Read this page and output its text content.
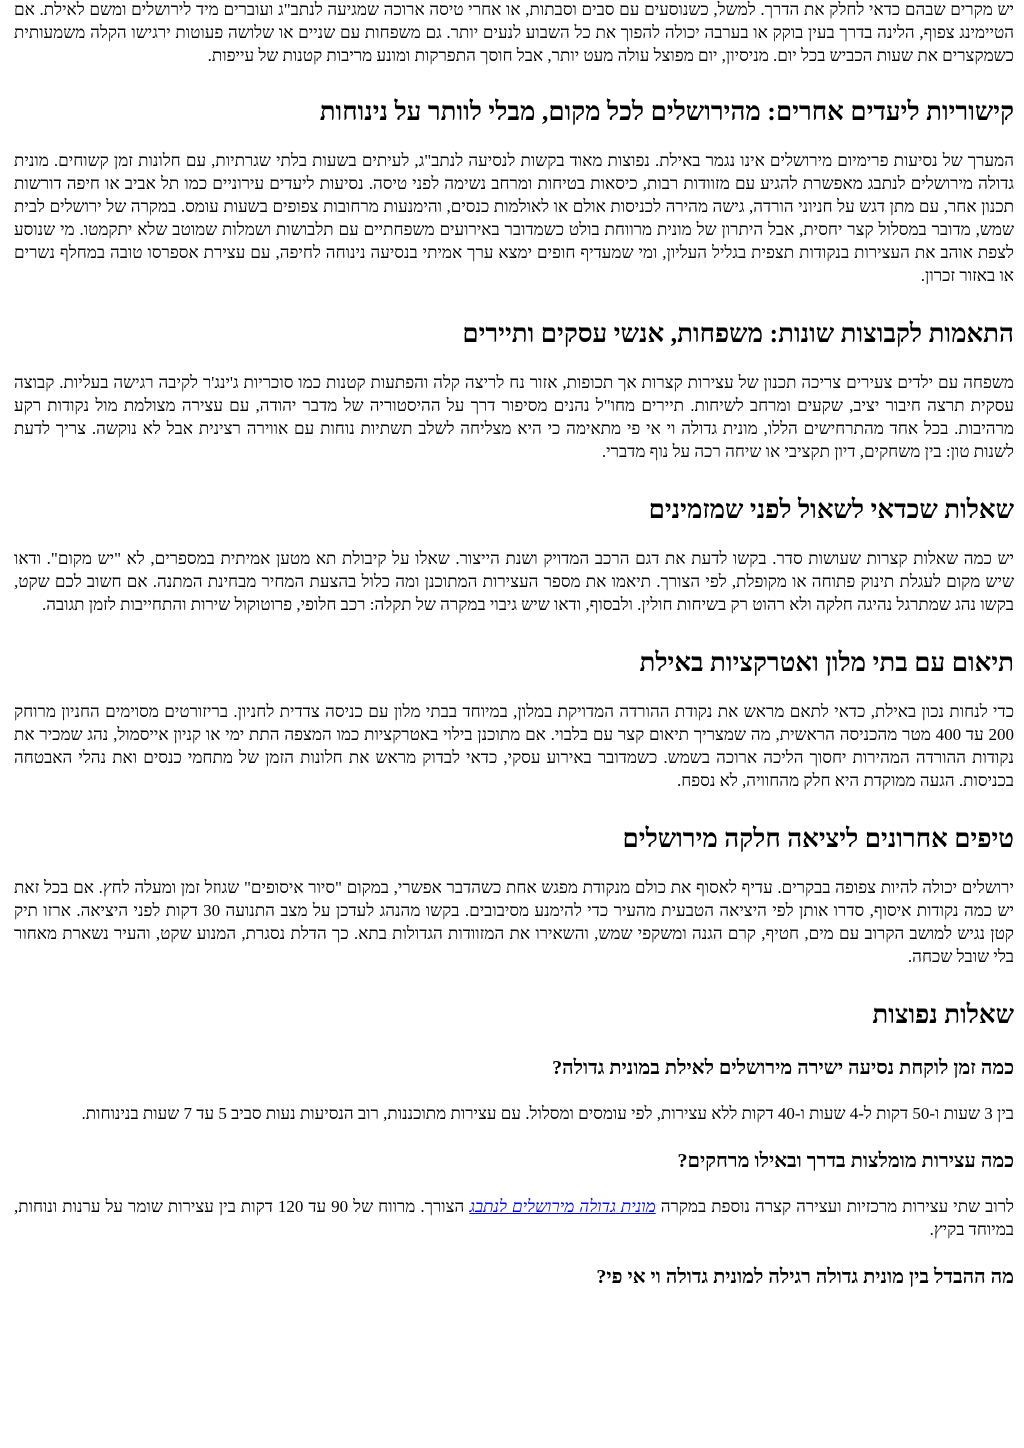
יש מקרים שבהם כדאי לחלק את הדרך. למשל, כשנוסעים עם סבים וסבתות, או אחרי טיסה ארוכה שמגיעה לנתב"ג ועוברים מיד לירושלים ומשם לאילת. אם הטיימינג צפוף, הלינה בדרך בעין בוקק או בערבה יכולה להפוך את כל השבוע לנעים יותר. גם משפחות עם שניים או שלושה פעוטות ירגישו הקלה משמעותית כשמקצרים את שעות הכביש בכל יום. מניסיון, יום מפוצל עולה מעט יותר, אבל חוסך התפרקות ומונע מריבות קטנות של עייפות.

קישוריות ליעדים אחרים: מהירושלים לכל מקום, מבלי לוותר על נינוחות

המערך של נסיעות פרימיום מירושלים אינו נגמר באילת. נפוצות מאוד בקשות לנסיעה לנתב"ג, לעיתים בשעות בלתי שגרתיות, עם חלונות זמן קשוחים. מונית גדולה מירושלים לנתבג מאפשרת להגיע עם מזוודות רבות, כיסאות בטיחות ומרחב נשימה לפני טיסה. נסיעות ליעדים עירוניים כמו תל אביב או חיפה דורשות תכנון אחר, עם מתן דגש על חניוני הורדה, גישה מהירה לכניסות אולם או לאולמות כנסים, והימנעות מרחובות צפופים בשעות עומס. במקרה של ירושלים לבית שמש, מדובר במסלול קצר יחסית, אבל היתרון של מונית מרווחת בולט כשמדובר באירועים משפחתיים עם תלבושות ושמלות שמוטב שלא יתקמטו. מי שנוסע לצפת אוהב את העצירות בנקודות תצפית בגליל העליון, ומי שמעדיף חופים ימצא ערך אמיתי בנסיעה נינוחה לחיפה, עם עצירת אספרסו טובה במחלף נשרים או באזור זכרון.

התאמות לקבוצות שונות: משפחות, אנשי עסקים ותיירים

משפחה עם ילדים צעירים צריכה תכנון של עצירות קצרות אך תכופות, אזור נח לריצה קלה והפתעות קטנות כמו סוכריות ג'ינג'ר לקיבה רגישה בעליות. קבוצה עסקית תרצה חיבור יציב, שקעים ומרחב לשיחות. תיירים מחו"ל נהנים מסיפור דרך על ההיסטוריה של מדבר יהודה, עם עצירה מצולמת מול נקודות רקע מרהיבות. בכל אחד מהתרחישים הללו, מונית גדולה וי אי פי מתאימה כי היא מצליחה לשלב תשתיות נוחות עם אווירה רצינית אבל לא נוקשה. צריך לדעת לשנות טון: בין משחקים, דיון תקציבי או שיחה רכה על נוף מדברי.

שאלות שכדאי לשאול לפני שמזמינים

יש כמה שאלות קצרות שעושות סדר. בקשו לדעת את דגם הרכב המדויק ושנת הייצור. שאלו על קיבולת תא מטען אמיתית במספרים, לא "יש מקום". ודאו שיש מקום לעגלת תינוק פתוחה או מקופלת, לפי הצורך. תיאמו את מספר העצירות המתוכנן ומה כלול בהצעת המחיר מבחינת המתנה. אם חשוב לכם שקט, בקשו נהג שמתרגל נהיגה חלקה ולא רהוט רק בשיחות חולין. ולבסוף, ודאו שיש גיבוי במקרה של תקלה: רכב חלופי, פרוטוקול שירות והתחייבות לזמן תגובה.

תיאום עם בתי מלון ואטרקציות באילת

כדי לנחות נכון באילת, כדאי לתאם מראש את נקודת ההורדה המדויקת במלון, במיוחד בבתי מלון עם כניסה צדדית לחניון. בריזורטים מסוימים החניון מרוחק 200 עד 400 מטר מהכניסה הראשית, מה שמצריך תיאום קצר עם בלבוי. אם מתוכנן בילוי באטרקציות כמו המצפה התת ימי או קניון אייסמול, נהג שמכיר את נקודות ההורדה המהירות יחסוך הליכה ארוכה בשמש. כשמדובר באירוע עסקי, כדאי לבדוק מראש את חלונות הזמן של מתחמי כנסים ואת נהלי האבטחה בכניסות. הגעה ממוקדת היא חלק מהחוויה, לא נספח.

טיפים אחרונים ליציאה חלקה מירושלים

ירושלים יכולה להיות צפופה בבקרים. עדיף לאסוף את כולם מנקודת מפגש אחת כשהדבר אפשרי, במקום "סיור איסופים" שגוזל זמן ומעלה לחץ. אם בכל זאת יש כמה נקודות איסוף, סדרו אותן לפי היציאה הטבעית מהעיר כדי להימנע מסיבובים. בקשו מהנהג לעדכן על מצב התנועה 30 דקות לפני היציאה. ארזו תיק קטן נגיש למושב הקרוב עם מים, חטיף, קרם הגנה ומשקפי שמש, והשאירו את המזוודות הגדולות בתא. כך הדלת נסגרת, המנוע שקט, והעיר נשארת מאחור בלי שובל שכחה.

שאלות נפוצות
כמה זמן לוקחת נסיעה ישירה מירושלים לאילת במונית גדולה?

בין 3 שעות ו-50 דקות ל-4 שעות ו-40 דקות ללא עצירות, לפי עומסים ומסלול. עם עצירות מתוכננות, רוב הנסיעות נעות סביב 5 עד 7 שעות בנינוחות.

כמה עצירות מומלצות בדרך ובאילו מרחקים?

לרוב שתי עצירות מרכזיות ועצירה קצרה נוספת במקרה מונית גדולה מירושלים לנתבג הצורך. מרווח של 90 עד 120 דקות בין עצירות שומר על ערנות ונוחות, במיוחד בקיץ.

מה ההבדל בין מונית גדולה רגילה למונית גדולה וי אי פי?
